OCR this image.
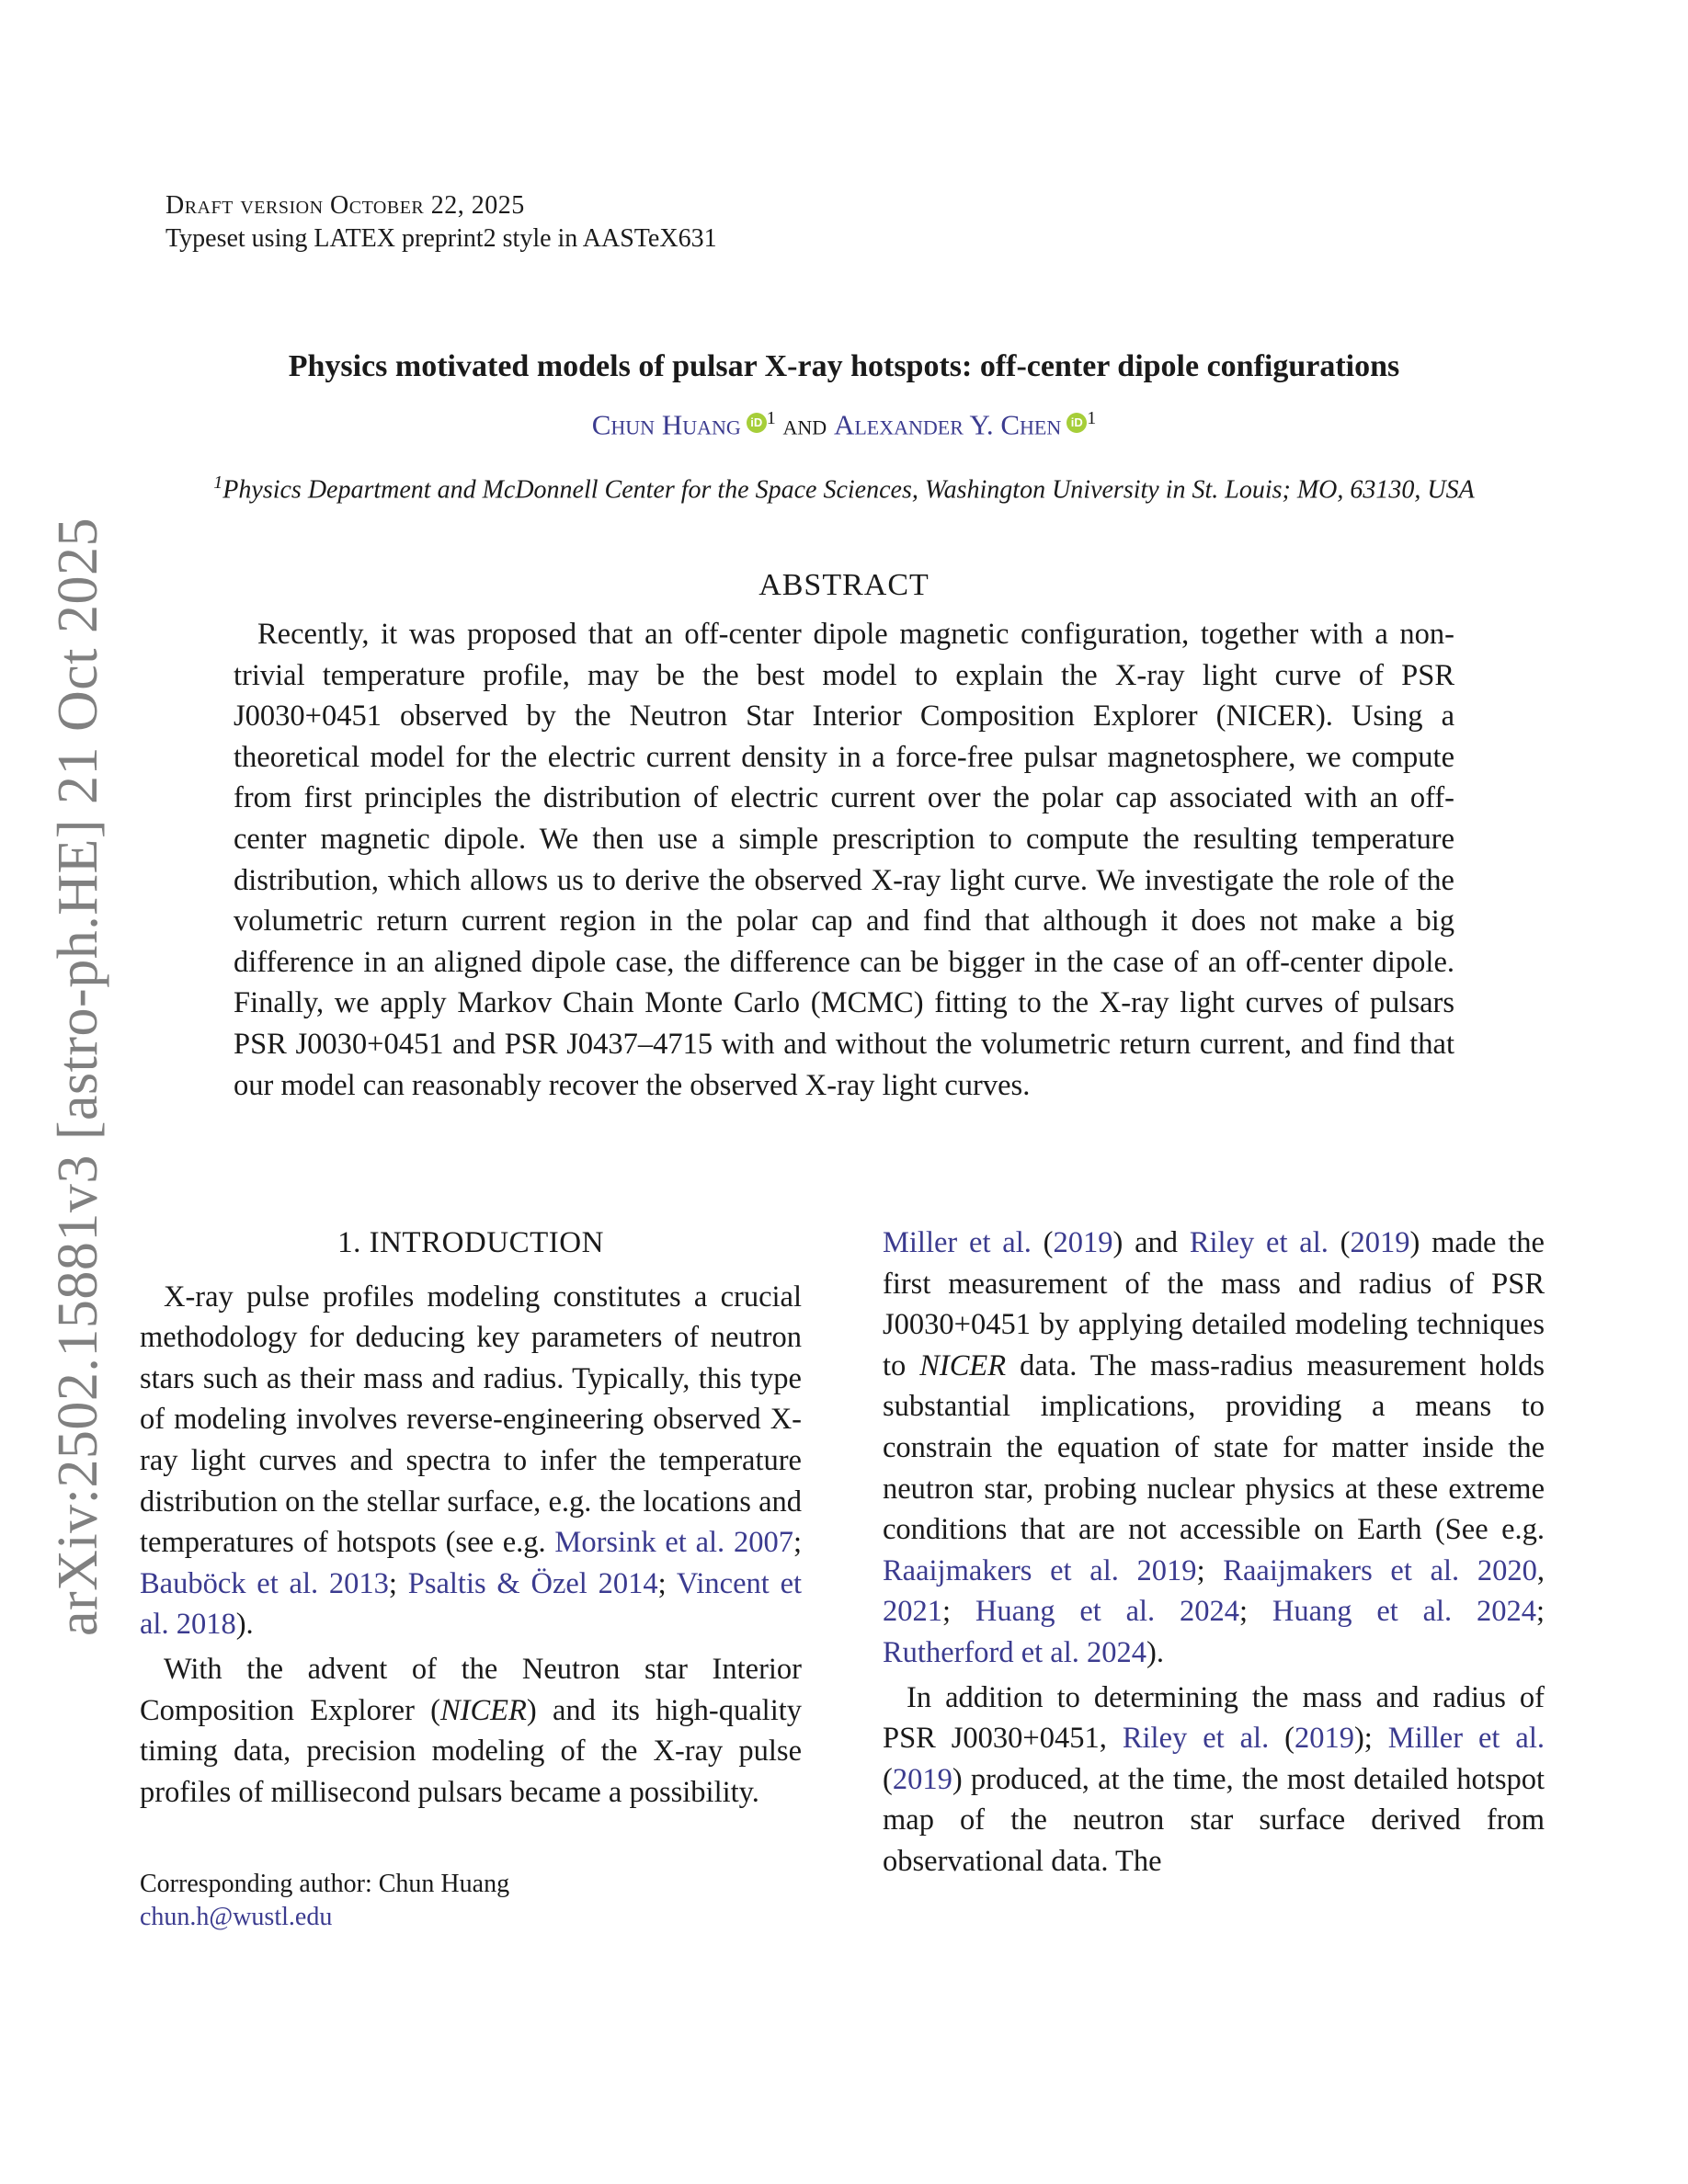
Draft version October 22, 2025
Typeset using LATEX preprint2 style in AASTeX631
arXiv:2502.15881v3 [astro-ph.HE] 21 Oct 2025
Physics motivated models of pulsar X-ray hotspots: off-center dipole configurations
Chun Huang iD $^1$ and Alexander Y. Chen iD $^1$
$^1$Physics Department and McDonnell Center for the Space Sciences, Washington University in St. Louis; MO, 63130, USA
ABSTRACT

Recently, it was proposed that an off-center dipole magnetic configuration, together with a non-trivial temperature profile, may be the best model to explain the X-ray light curve of PSR J0030+0451 observed by the Neutron Star Interior Composition Explorer (NICER). Using a theoretical model for the electric current density in a force-free pulsar magnetosphere, we compute from first principles the distribution of electric current over the polar cap associated with an off-center magnetic dipole. We then use a simple prescription to compute the resulting temperature distribution, which allows us to derive the observed X-ray light curve. We investigate the role of the volumetric return current region in the polar cap and find that although it does not make a big difference in an aligned dipole case, the difference can be bigger in the case of an off-center dipole. Finally, we apply Markov Chain Monte Carlo (MCMC) fitting to the X-ray light curves of pulsars PSR J0030+0451 and PSR J0437–4715 with and without the volumetric return current, and find that our model can reasonably recover the observed X-ray light curves.

1. INTRODUCTION

X-ray pulse profiles modeling constitutes a crucial methodology for deducing key parameters of neutron stars such as their mass and radius. Typically, this type of modeling involves reverse-engineering observed X-ray light curves and spectra to infer the temperature distribution on the stellar surface, e.g. the locations and temperatures of hotspots (see e.g. Morsink et al. 2007; Bauböck et al. 2013; Psaltis & Özel 2014; Vincent et al. 2018).

With the advent of the Neutron star Interior Composition Explorer (NICER) and its high-quality timing data, precision modeling of the X-ray pulse profiles of millisecond pulsars became a possibility.

Miller et al. (2019) and Riley et al. (2019) made the first measurement of the mass and radius of PSR J0030+0451 by applying detailed modeling techniques to NICER data. The mass-radius measurement holds substantial implications, providing a means to constrain the equation of state for matter inside the neutron star, probing nuclear physics at these extreme conditions that are not accessible on Earth (See e.g. Raaijmakers et al. 2019; Raaijmakers et al. 2020, 2021; Huang et al. 2024; Huang et al. 2024; Rutherford et al. 2024).

In addition to determining the mass and radius of PSR J0030+0451, Riley et al. (2019); Miller et al. (2019) produced, at the time, the most detailed hotspot map of the neutron star surface derived from observational data. The

Corresponding author: Chun Huang
chun.h@wustl.edu
